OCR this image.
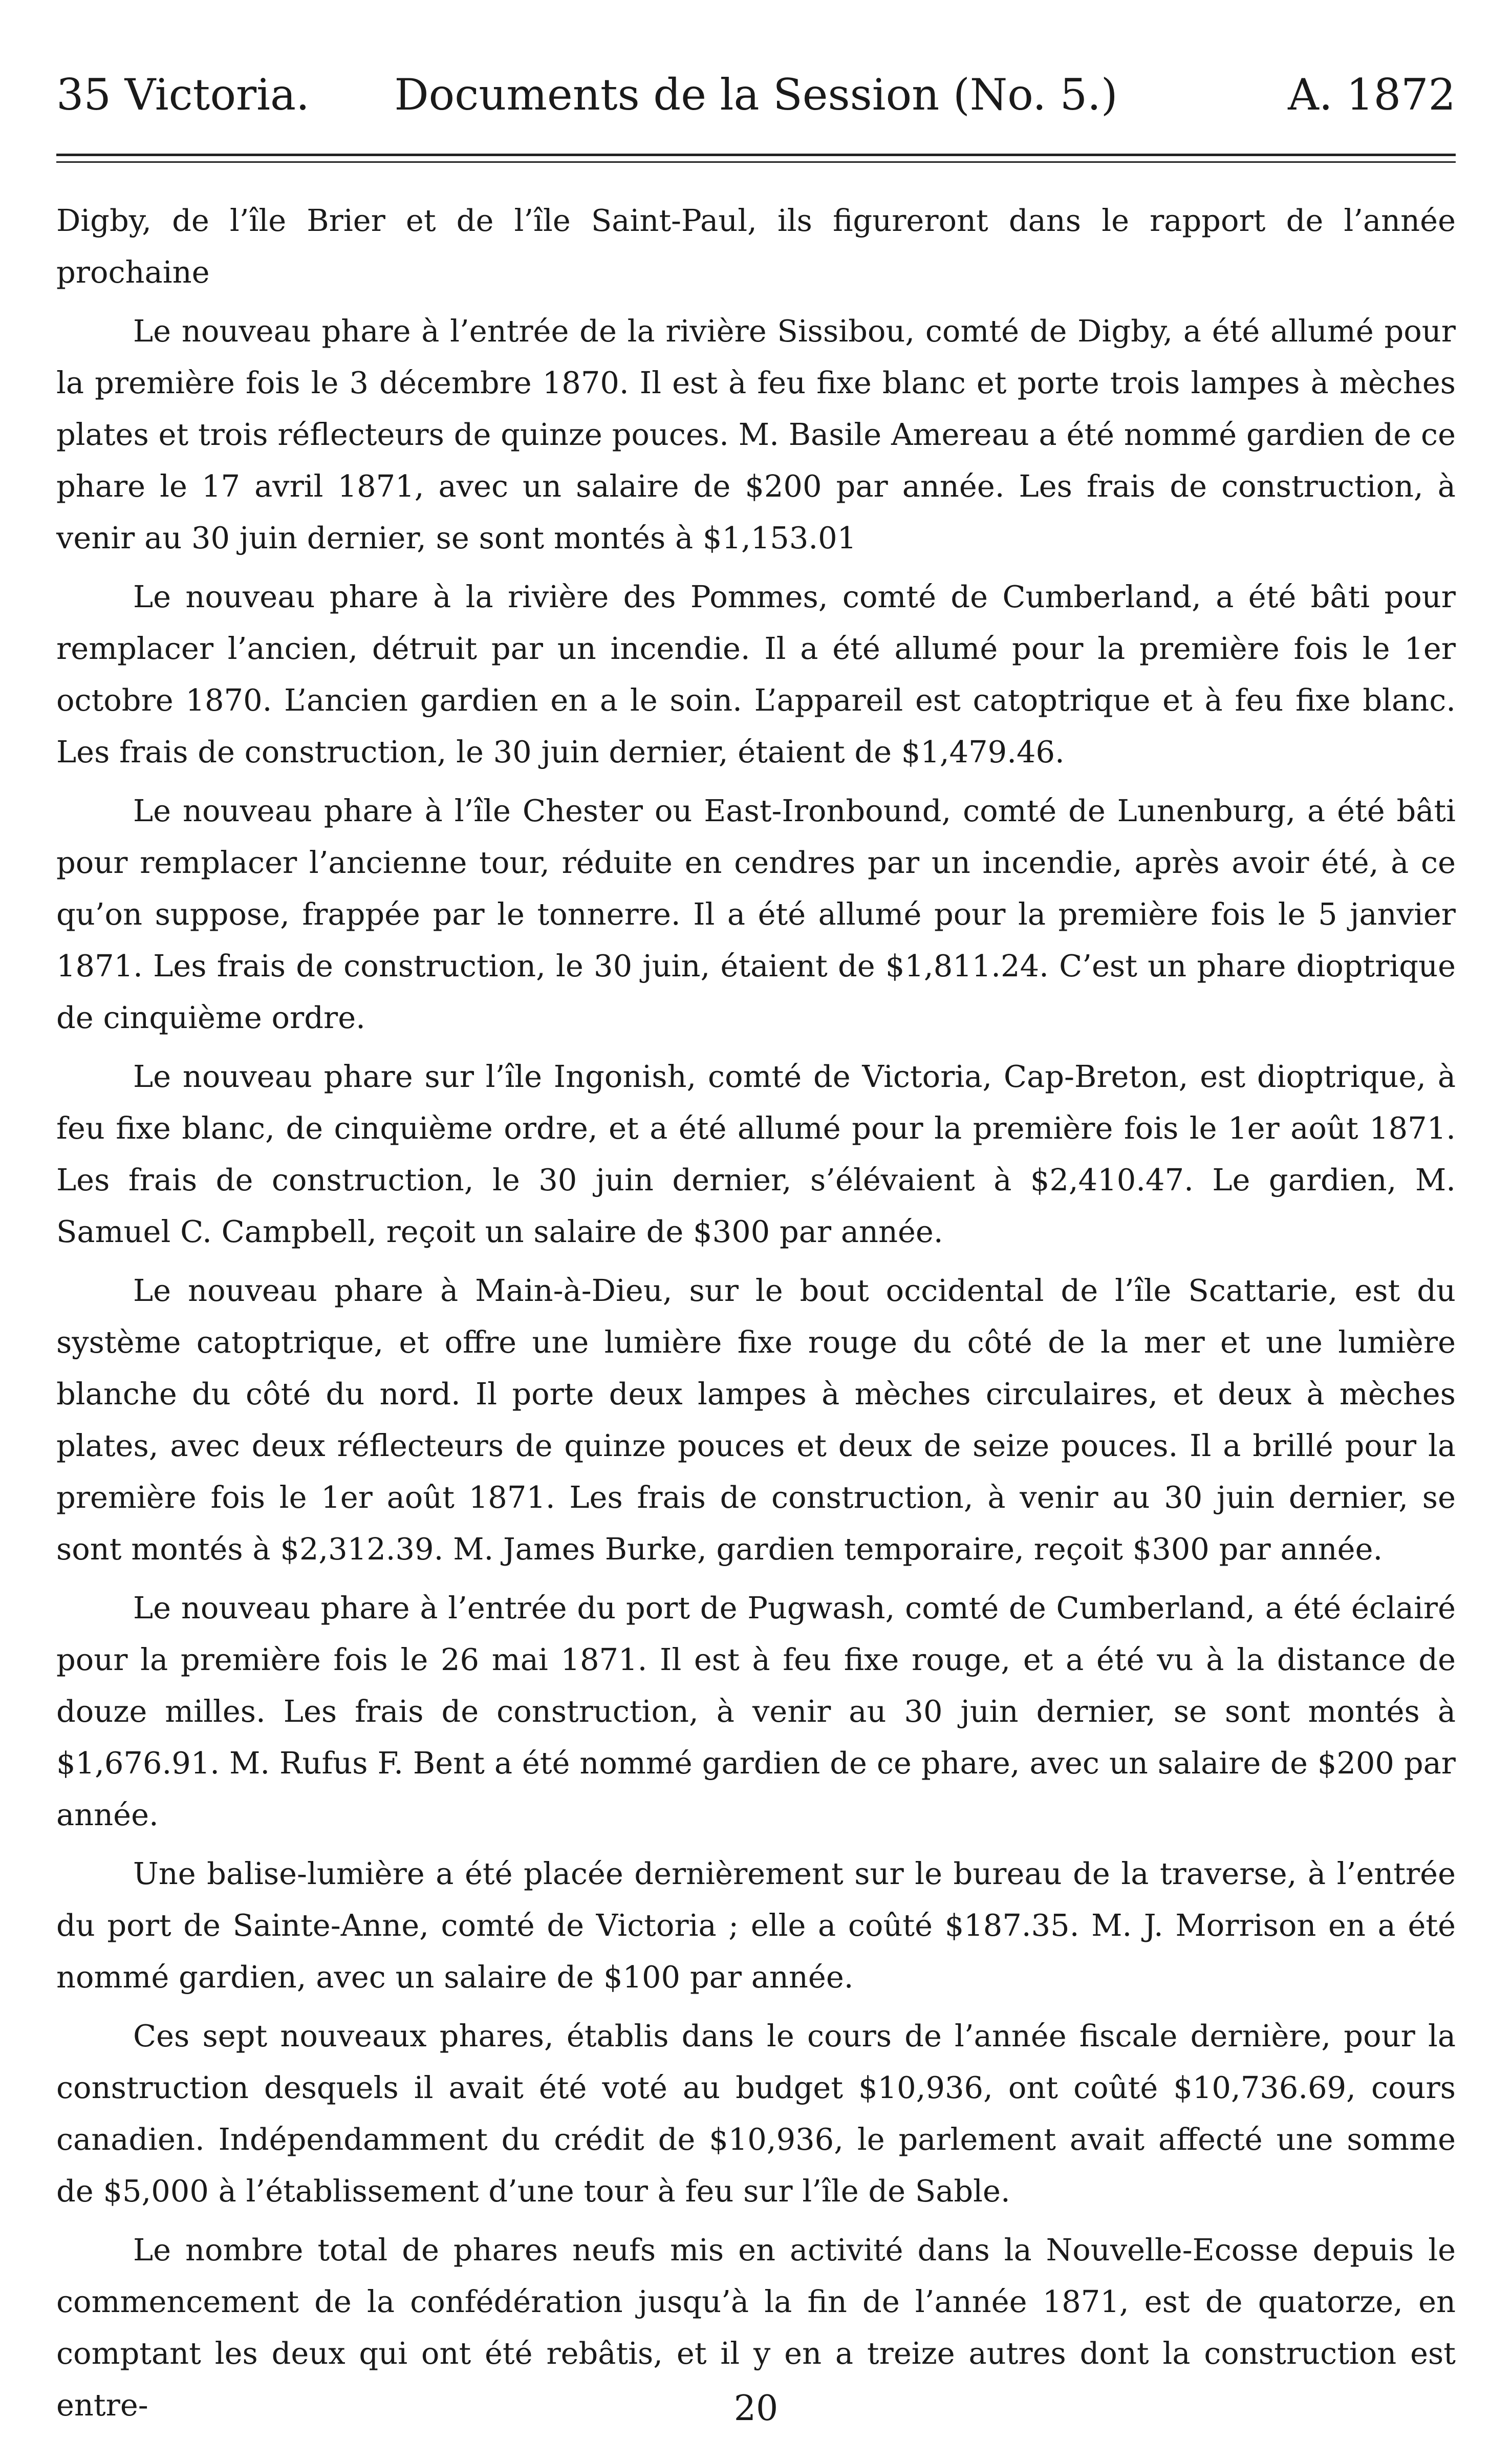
35 Victoria.	Documents de la Session (No. 5.)	A. 1872

Digby, de l’île Brier et de l’île Saint-Paul, ils figureront dans le rapport de l’année prochaine

Le nouveau phare à l’entrée de la rivière Sissibou, comté de Digby, a été allumé pour la première fois le 3 décembre 1870. Il est à feu fixe blanc et porte trois lampes à mèches plates et trois réflecteurs de quinze pouces. M. Basile Amereau a été nommé gardien de ce phare le 17 avril 1871, avec un salaire de $200 par année. Les frais de construction, à venir au 30 juin dernier, se sont montés à $1,153.01

Le nouveau phare à la rivière des Pommes, comté de Cumberland, a été bâti pour remplacer l’ancien, détruit par un incendie. Il a été allumé pour la première fois le 1er octobre 1870. L’ancien gardien en a le soin. L’appareil est catoptrique et à feu fixe blanc. Les frais de construction, le 30 juin dernier, étaient de $1,479.46.

Le nouveau phare à l’île Chester ou East-Ironbound, comté de Lunenburg, a été bâti pour remplacer l’ancienne tour, réduite en cendres par un incendie, après avoir été, à ce qu’on suppose, frappée par le tonnerre. Il a été allumé pour la première fois le 5 janvier 1871. Les frais de construction, le 30 juin, étaient de $1,811.24. C’est un phare dioptrique de cinquième ordre.

Le nouveau phare sur l’île Ingonish, comté de Victoria, Cap-Breton, est dioptrique, à feu fixe blanc, de cinquième ordre, et a été allumé pour la première fois le 1er août 1871. Les frais de construction, le 30 juin dernier, s’élévaient à $2,410.47. Le gardien, M. Samuel C. Campbell, reçoit un salaire de $300 par année.

Le nouveau phare à Main-à-Dieu, sur le bout occidental de l’île Scattarie, est du système catoptrique, et offre une lumière fixe rouge du côté de la mer et une lumière blanche du côté du nord. Il porte deux lampes à mèches circulaires, et deux à mèches plates, avec deux réflecteurs de quinze pouces et deux de seize pouces. Il a brillé pour la première fois le 1er août 1871. Les frais de construction, à venir au 30 juin dernier, se sont montés à $2,312.39. M. James Burke, gardien temporaire, reçoit $300 par année.

Le nouveau phare à l’entrée du port de Pugwash, comté de Cumberland, a été éclairé pour la première fois le 26 mai 1871. Il est à feu fixe rouge, et a été vu à la distance de douze milles. Les frais de construction, à venir au 30 juin dernier, se sont montés à $1,676.91. M. Rufus F. Bent a été nommé gardien de ce phare, avec un salaire de $200 par année.

Une balise-lumière a été placée dernièrement sur le bureau de la traverse, à l’entrée du port de Sainte-Anne, comté de Victoria ; elle a coûté $187.35. M. J. Morrison en a été nommé gardien, avec un salaire de $100 par année.

Ces sept nouveaux phares, établis dans le cours de l’année fiscale dernière, pour la construction desquels il avait été voté au budget $10,936, ont coûté $10,736.69, cours canadien. Indépendamment du crédit de $10,936, le parlement avait affecté une somme de $5,000 à l’établissement d’une tour à feu sur l’île de Sable.

Le nombre total de phares neufs mis en activité dans la Nouvelle-Ecosse depuis le commencement de la confédération jusqu’à la fin de l’année 1871, est de quatorze, en comptant les deux qui ont été rebâtis, et il y en a treize autres dont la construction est entre-	20
